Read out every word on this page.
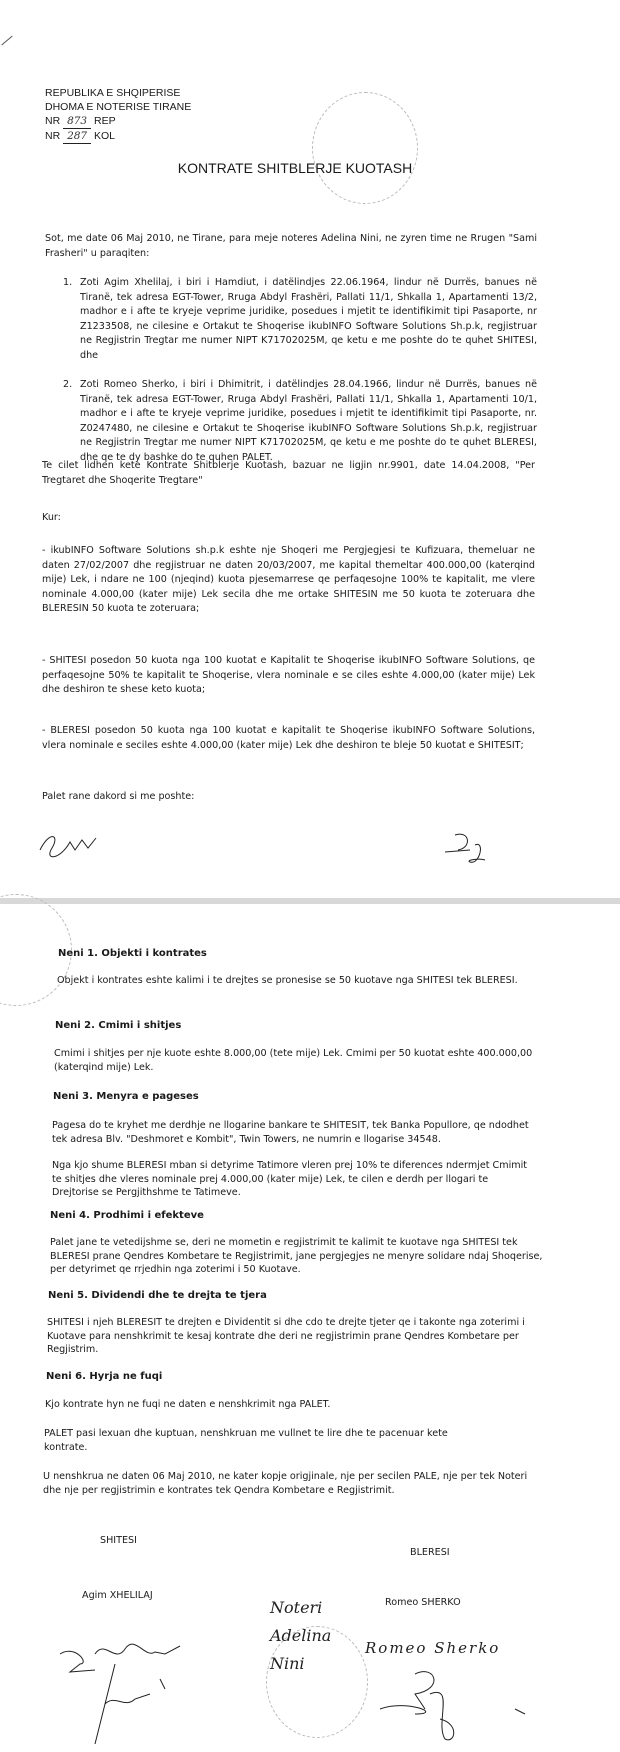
REPUBLIKA E SHQIPERISE
DHOMA E NOTERISE TIRANE
NR 873 REP
NR 287 KOL
KONTRATE SHITBLERJE KUOTASH
Sot, me date 06 Maj 2010, ne Tirane, para meje noteres Adelina Nini, ne zyren time ne Rrugen "Sami Frasheri" u paraqiten:
1. Zoti Agim Xhelilaj, i biri i Hamdiut, i datëlindjes 22.06.1964, lindur në Durrës, banues në Tiranë, tek adresa EGT-Tower, Rruga Abdyl Frashëri, Pallati 11/1, Shkalla 1, Apartamenti 13/2, madhor e i afte te kryeje veprime juridike, posedues i mjetit te identifikimit tipi Pasaporte, nr Z1233508, ne cilesine e Ortakut te Shoqerise ikubINFO Software Solutions Sh.p.k, regjistruar ne Regjistrin Tregtar me numer NIPT K71702025M, qe ketu e me poshte do te quhet SHITESI, dhe
2. Zoti Romeo Sherko, i biri i Dhimitrit, i datëlindjes 28.04.1966, lindur në Durrës, banues në Tiranë, tek adresa EGT-Tower, Rruga Abdyl Frashëri, Pallati 11/1, Shkalla 1, Apartamenti 10/1, madhor e i afte te kryeje veprime juridike, posedues i mjetit te identifikimit tipi Pasaporte, nr. Z0247480, ne cilesine e Ortakut te Shoqerise ikubINFO Software Solutions Sh.p.k, regjistruar ne Regjistrin Tregtar me numer NIPT K71702025M, qe ketu e me poshte do te quhet BLERESI, dhe qe te dy bashke do te quhen PALET.
Te cilet lidhen kete Kontrate Shitblerje Kuotash, bazuar ne ligjin nr.9901, date 14.04.2008, "Per Tregtaret dhe Shoqerite Tregtare"
Kur:
- ikubINFO Software Solutions sh.p.k eshte nje Shoqeri me Pergjegjesi te Kufizuara, themeluar ne daten 27/02/2007 dhe regjistruar ne daten 20/03/2007, me kapital themeltar 400.000,00 (katerqind mije) Lek, i ndare ne 100 (njeqind) kuota pjesemarrese qe perfaqesojne 100% te kapitalit, me vlere nominale 4.000,00 (kater mije) Lek secila dhe me ortake SHITESIN me 50 kuota te zoteruara dhe BLERESIN 50 kuota te zoteruara;
- SHITESI posedon 50 kuota nga 100 kuotat e Kapitalit te Shoqerise ikubINFO Software Solutions, qe perfaqesojne 50% te kapitalit te Shoqerise, vlera nominale e se ciles eshte 4.000,00 (kater mije) Lek dhe deshiron te shese keto kuota;
- BLERESI posedon 50 kuota nga 100 kuotat e kapitalit te Shoqerise ikubINFO Software Solutions, vlera nominale e seciles eshte 4.000,00 (kater mije) Lek dhe deshiron te bleje 50 kuotat e SHITESIT;
Palet rane dakord si me poshte:
Neni 1. Objekti i kontrates
Objekt i kontrates eshte kalimi i te drejtes se pronesise se 50 kuotave nga SHITESI tek BLERESI.
Neni 2. Cmimi i shitjes
Cmimi i shitjes per nje kuote eshte 8.000,00 (tete mije) Lek. Cmimi per 50 kuotat eshte 400.000,00 (katerqind mije) Lek.
Neni 3. Menyra e pageses
Pagesa do te kryhet me derdhje ne llogarine bankare te SHITESIT, tek Banka Popullore, qe ndodhet tek adresa Blv. "Deshmoret e Kombit", Twin Towers, ne numrin e llogarise 34548.
Nga kjo shume BLERESI mban si detyrime Tatimore vleren prej 10% te diferences ndermjet Cmimit te shitjes dhe vleres nominale prej 4.000,00 (kater mije) Lek, te cilen e derdh per llogari te Drejtorise se Pergjithshme te Tatimeve.
Neni 4. Prodhimi i efekteve
Palet jane te vetedijshme se, deri ne mometin e regjistrimit te kalimit te kuotave nga SHITESI tek BLERESI prane Qendres Kombetare te Regjistrimit, jane pergjegjes ne menyre solidare ndaj Shoqerise, per detyrimet qe rrjedhin nga zoterimi i 50 Kuotave.
Neni 5. Dividendi dhe te drejta te tjera
SHITESI i njeh BLERESIT te drejten e Dividentit si dhe cdo te drejte tjeter qe i takonte nga zoterimi i Kuotave para nenshkrimit te kesaj kontrate dhe deri ne regjistrimin prane Qendres Kombetare per Regjistrim.
Neni 6. Hyrja ne fuqi
Kjo kontrate hyn ne fuqi ne daten e nenshkrimit nga PALET.
PALET pasi lexuan dhe kuptuan, nenshkruan me vullnet te lire dhe te pacenuar kete kontrate.
U nenshkrua ne daten 06 Maj 2010, ne kater kopje origjinale, nje per secilen PALE, nje per tek Noteri dhe nje per regjistrimin e kontrates tek Qendra Kombetare e Regjistrimit.
SHITESI
BLERESI
Agim XHELILAJ
Romeo SHERKO
Noteri Adelina Nini
Romeo Sherko
